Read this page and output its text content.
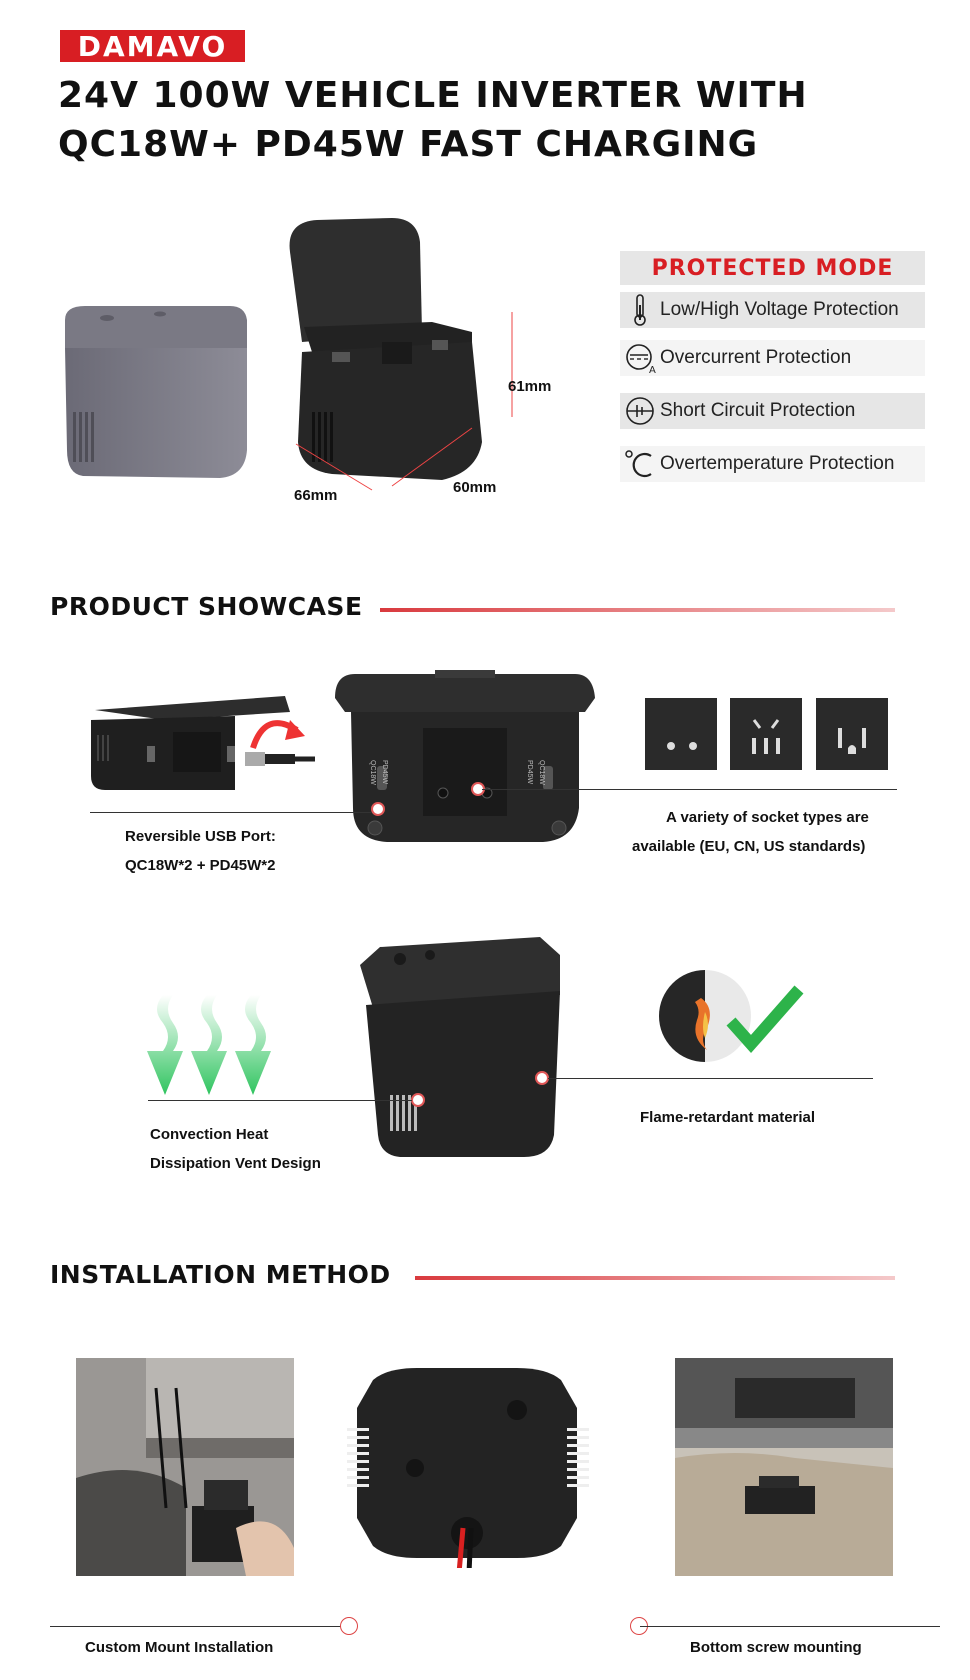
DAMAVO
24V 100W VEHICLE INVERTER WITH
QC18W+ PD45W FAST CHARGING
61mm
60mm
66mm
PROTECTED MODE
Low/High Voltage Protection
A
Overcurrent Protection
Short Circuit Protection
Overtemperature Protection
PRODUCT SHOWCASE
QC18W PD45W	PD45W QC18W
Reversible USB Port:
QC18W*2 + PD45W*2
A variety of socket types are
available (EU, CN, US standards)
Convection Heat
Dissipation Vent Design
Flame-retardant material
INSTALLATION METHOD
Custom Mount Installation	Bottom screw mounting
